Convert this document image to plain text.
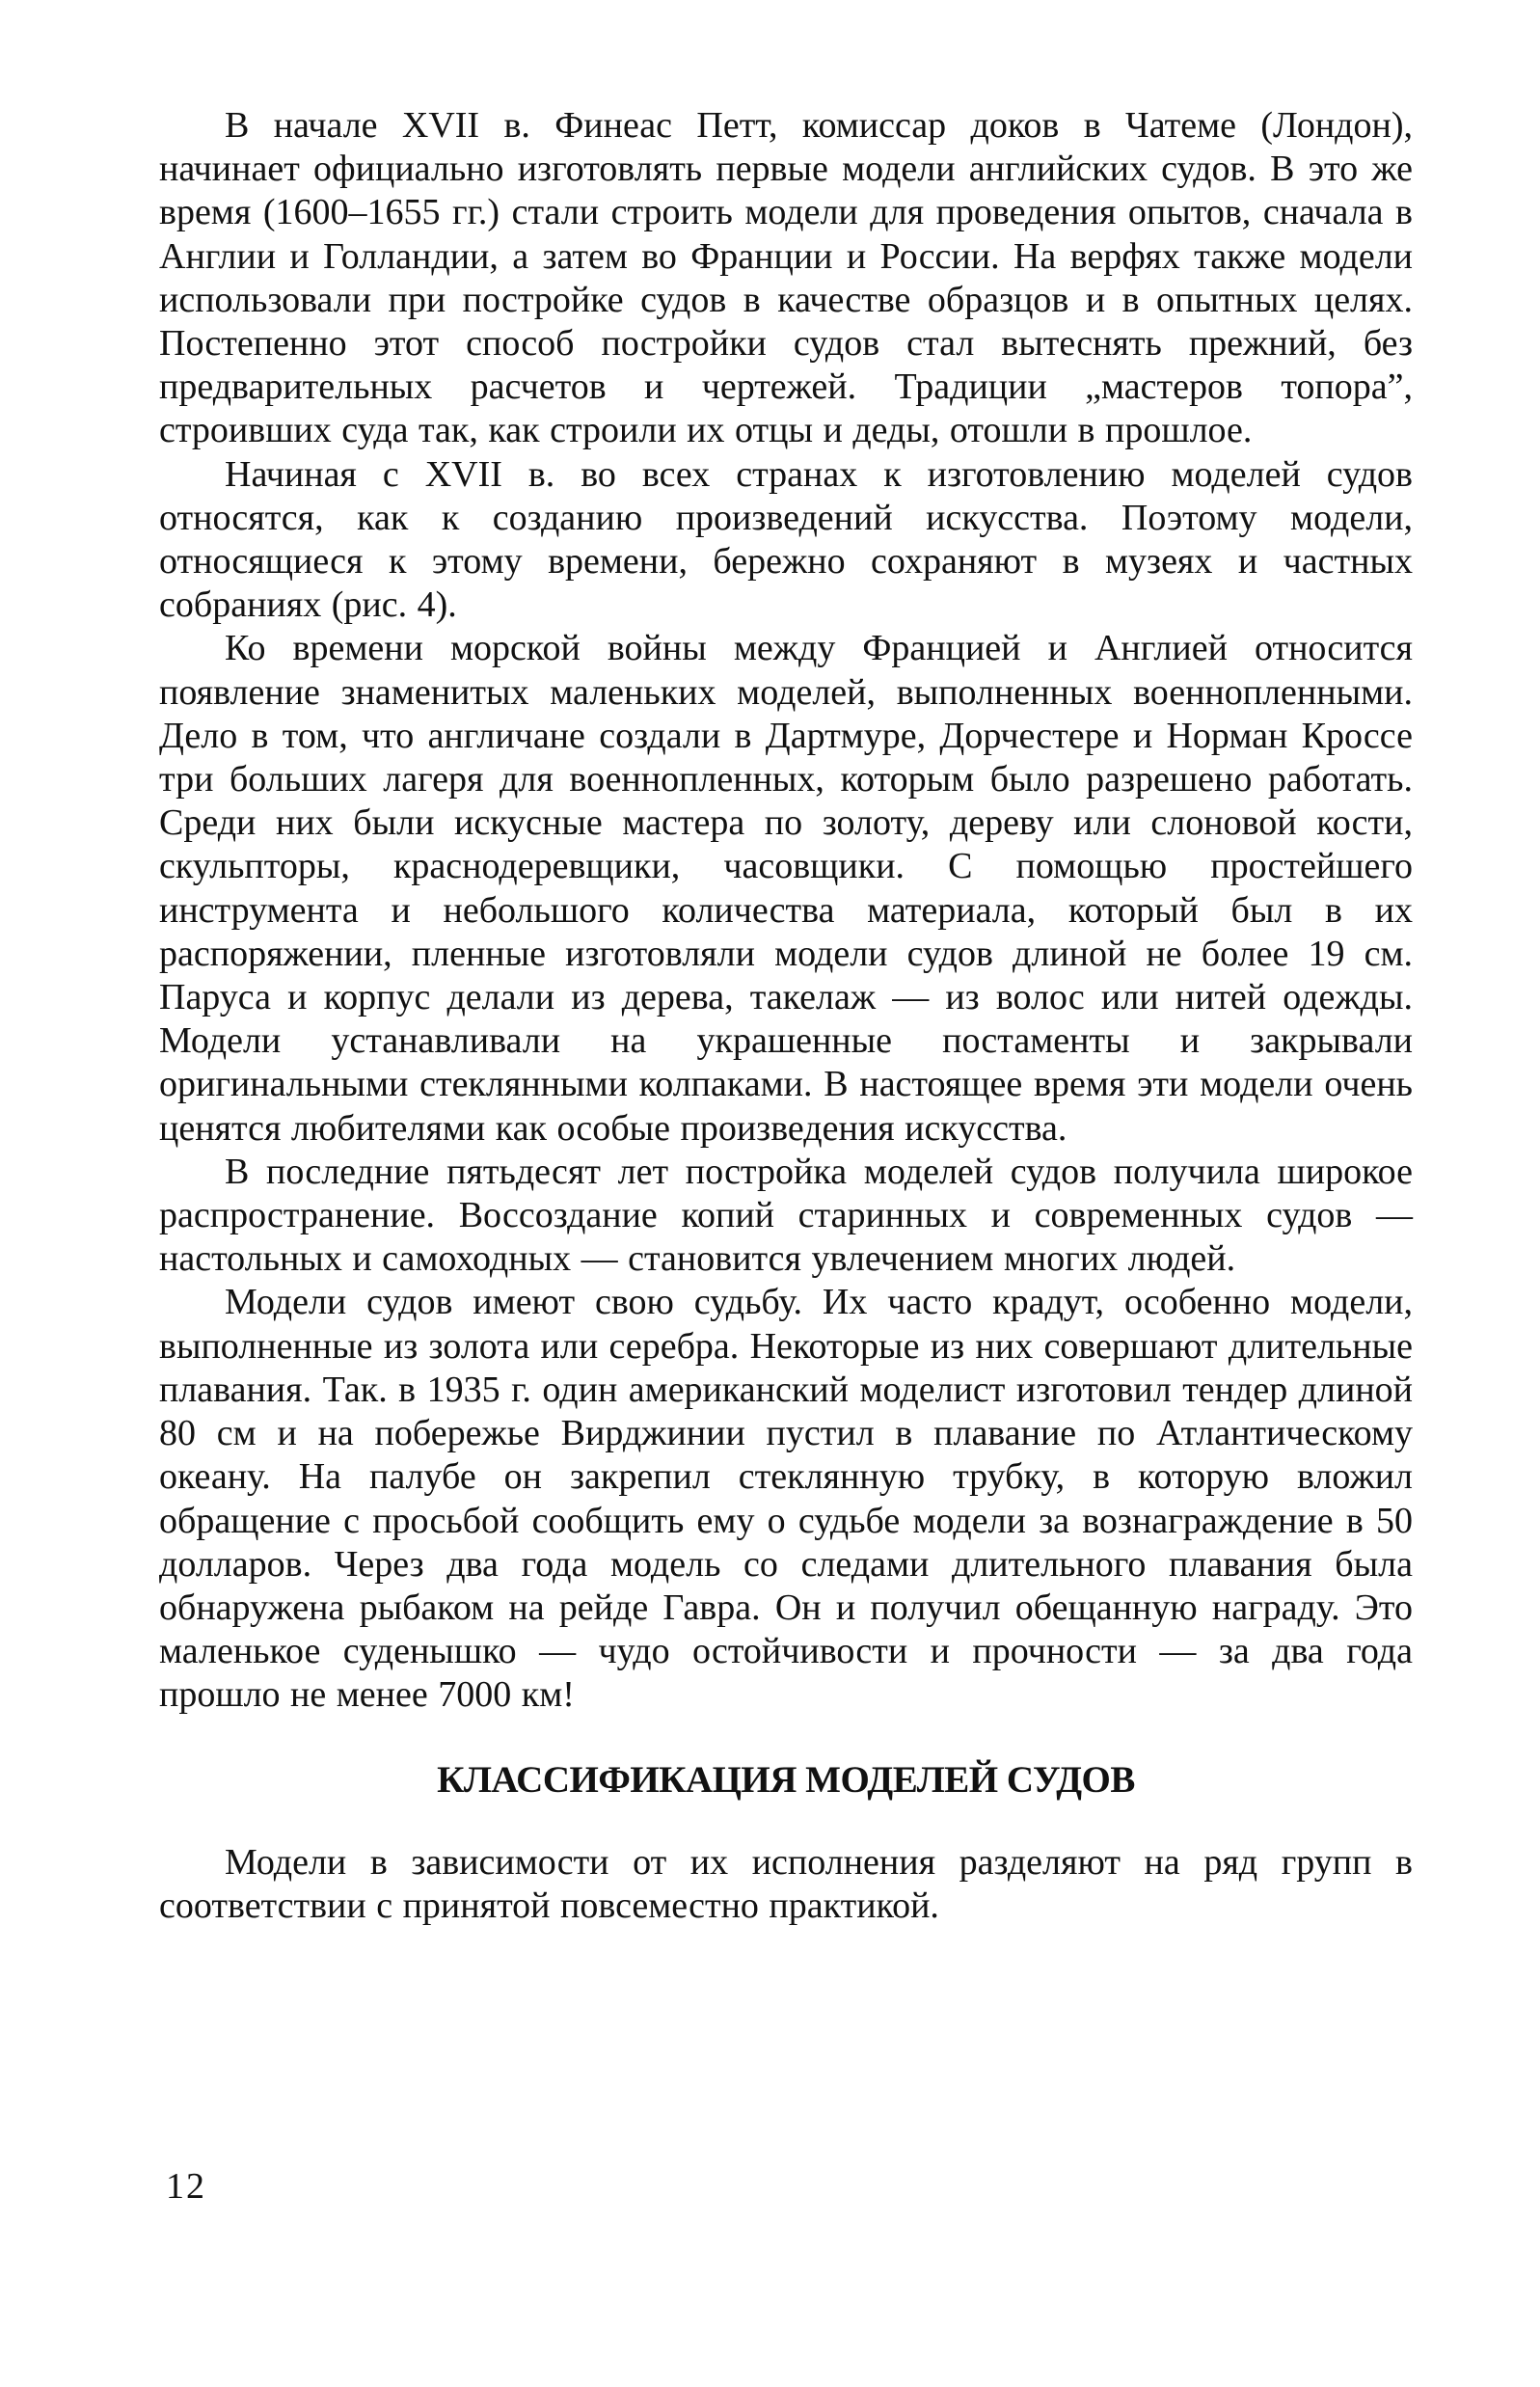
В начале XVII в. Финеас Петт, комиссар доков в Чатеме (Лондон), начинает официально изготовлять первые модели английских судов. В это же время (1600–1655 гг.) стали строить модели для проведения опытов, сначала в Англии и Голландии, а затем во Франции и России. На верфях также модели использовали при постройке судов в качестве образцов и в опытных целях. Постепенно этот способ постройки судов стал вытеснять прежний, без предварительных расчетов и чертежей. Традиции „мастеров топора”, строивших суда так, как строили их отцы и деды, отошли в прошлое.

Начиная с XVII в. во всех странах к изготовлению моделей судов относятся, как к созданию произведений искусства. Поэтому модели, относящиеся к этому времени, бережно сохраняют в музеях и частных собраниях (рис. 4).

Ко времени морской войны между Францией и Англией относится появление знаменитых маленьких моделей, выполненных военнопленными. Дело в том, что англичане создали в Дартмуре, Дорчестере и Норман Кроссе три больших лагеря для военнопленных, которым было разрешено работать. Среди них были искусные мастера по золоту, дереву или слоновой кости, скульпторы, краснодеревщики, часовщики. С помощью простейшего инструмента и небольшого количества материала, который был в их распоряжении, пленные изготовляли модели судов длиной не более 19 см. Паруса и корпус делали из дерева, такелаж — из волос или нитей одежды. Модели устанавливали на украшенные постаменты и закрывали оригинальными стеклянными колпаками. В настоящее время эти модели очень ценятся любителями как особые произведения искусства.

В последние пятьдесят лет постройка моделей судов получила широкое распространение. Воссоздание копий старинных и современных судов — настольных и самоходных — становится увлечением многих людей.

Модели судов имеют свою судьбу. Их часто крадут, особенно модели, выполненные из золота или серебра. Некоторые из них совершают длительные плавания. Так. в 1935 г. один американский моделист изготовил тендер длиной 80 см и на побережье Вирджинии пустил в плавание по Атлантическому океану. На палубе он закрепил стеклянную трубку, в которую вложил обращение с просьбой сообщить ему о судьбе модели за вознаграждение в 50 долларов. Через два года модель со следами длительного плавания была обнаружена рыбаком на рейде Гавра. Он и получил обещанную награду. Это маленькое суденышко — чудо остойчивости и прочности — за два года прошло не менее 7000 км!

КЛАССИФИКАЦИЯ МОДЕЛЕЙ СУДОВ

Модели в зависимости от их исполнения разделяют на ряд групп в соответствии с принятой повсеместно практикой.

12
